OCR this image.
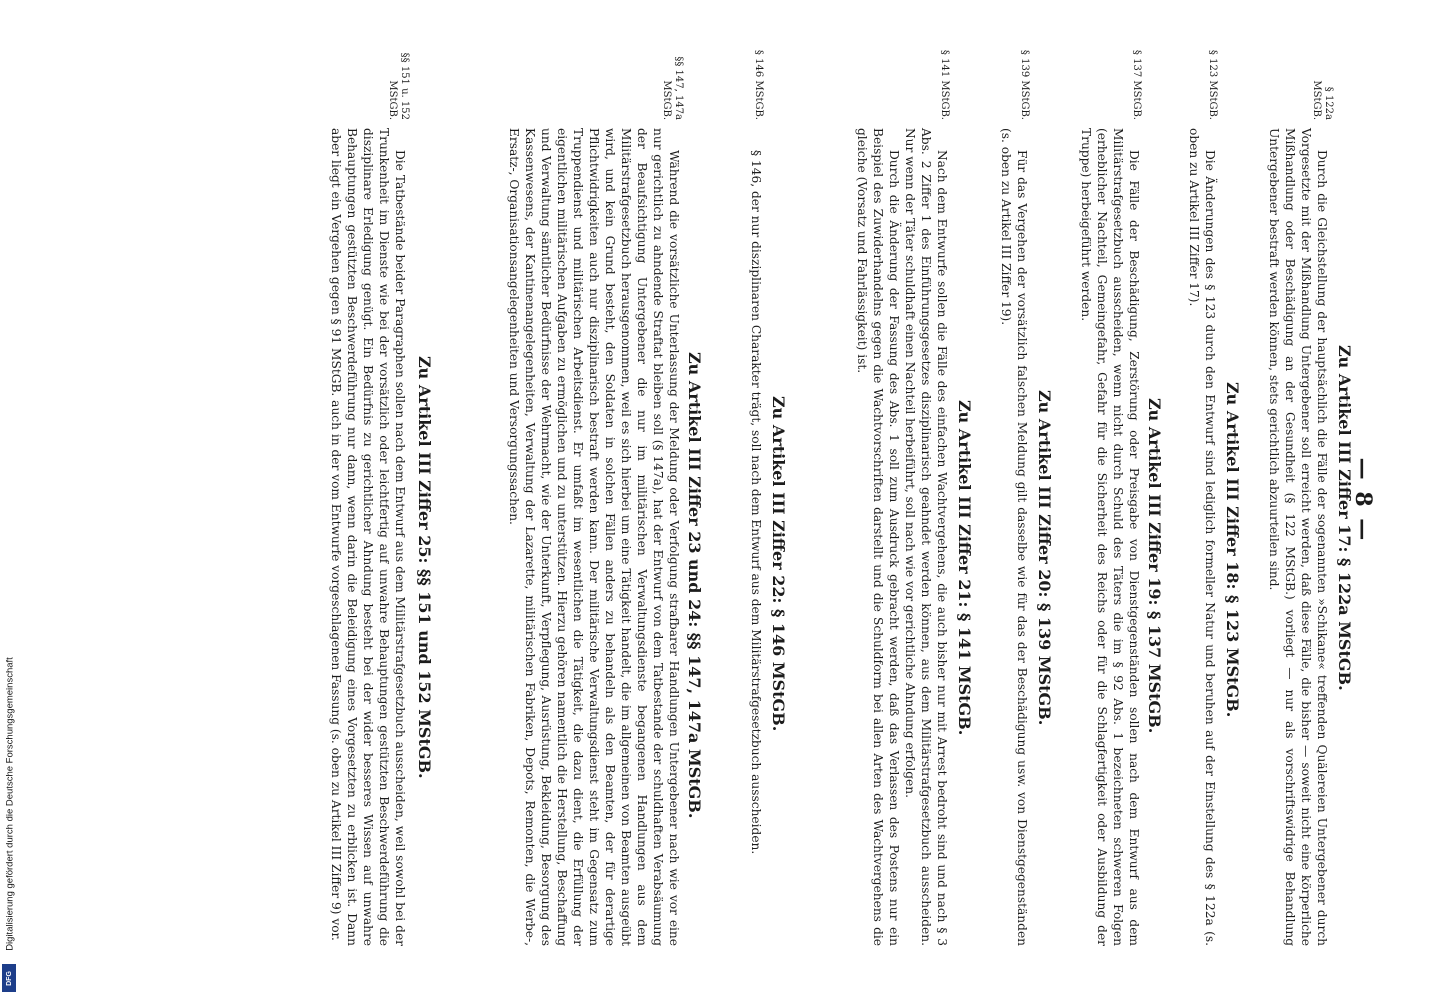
— 8 —
Zu Artikel III Ziffer 17: § 122a MStGB.
§ 122a
MStGB.

Durch die Gleichstellung der hauptsächlich die Fälle der sogenannten »Schikane« treffenden Quälereien Untergebener durch Vorgesetzte mit der Mißhandlung Untergebener soll erreicht werden, daß diese Fälle, die bisher — soweit nicht eine körperliche Mißhandlung oder Beschädigung an der Gesundheit (§ 122 MStGB.) vorliegt — nur als vorschriftswidrige Behandlung Untergebener bestraft werden können, stets gerichtlich abzuurteilen sind.

Zu Artikel III Ziffer 18: § 123 MStGB.
§ 123 MStGB.

Die Änderungen des § 123 durch den Entwurf sind lediglich formeller Natur und beruhen auf der Einstellung des § 122a (s. oben zu Artikel III Ziffer 17).

Zu Artikel III Ziffer 19: § 137 MStGB.
§ 137 MStGB.

Die Fälle der Beschädigung, Zerstörung oder Preisgabe von Dienstgegenständen sollen nach dem Entwurf aus dem Militärstrafgesetzbuch ausscheiden, wenn nicht durch Schuld des Täters die im § 92 Abs. 1 bezeichneten schweren Folgen (erheblicher Nachteil, Gemeingefahr, Gefahr für die Sicherheit des Reichs oder für die Schlagfertigkeit oder Ausbildung der Truppe) herbeigeführt werden.

Zu Artikel III Ziffer 20: § 139 MStGB.
§ 139 MStGB.

Für das Vergehen der vorsätzlich falschen Meldung gilt dasselbe wie für das der Beschädigung usw. von Dienstgegenständen (s. oben zu Artikel III Ziffer 19).

Zu Artikel III Ziffer 21: § 141 MStGB.
§ 141 MStGB.

Nach dem Entwurfe sollen die Fälle des einfachen Wachtvergehens, die auch bisher nur mit Arrest bedroht sind und nach § 3 Abs. 2 Ziffer 1 des Einführungsgesetzes disziplinarisch geahndet werden können, aus dem Militärstrafgesetzbuch ausscheiden. Nur wenn der Täter schuldhaft einen Nachteil herbeiführt, soll nach wie vor gerichtliche Ahndung erfolgen.

Durch die Änderung der Fassung des Abs. 1 soll zum Ausdruck gebracht werden, daß das Verlassen des Postens nur ein Beispiel des Zuwiderhandelns gegen die Wachtvorschriften darstellt und die Schuldform bei allen Arten des Wachtvergehens die gleiche (Vorsatz und Fahrlässigkeit) ist.

Zu Artikel III Ziffer 22: § 146 MStGB.
§ 146 MStGB.

§ 146, der nur disziplinaren Charakter trägt, soll nach dem Entwurf aus dem Militärstrafgesetzbuch ausscheiden.

Zu Artikel III Ziffer 23 und 24: §§ 147, 147a MStGB.
§§ 147, 147a
MStGB.

Während die vorsätzliche Unterlassung der Meldung oder Verfolgung strafbarer Handlungen Untergebener nach wie vor eine nur gerichtlich zu ahndende Straftat bleiben soll (§ 147a), hat der Entwurf von dem Tatbestande der schuldhaften Verabsäumung der Beaufsichtigung Untergebener die nur im militärischen Verwaltungsdienste begangenen Handlungen aus dem Militärstrafgesetzbuch herausgenommen, weil es sich hierbei um eine Tätigkeit handelt, die im allgemeinen von Beamten ausgeübt wird, und kein Grund besteht, den Soldaten in solchen Fällen anders zu behandeln als den Beamten, der für derartige Pflichtwidrigkeiten auch nur disziplinarisch bestraft werden kann. Der militärische Verwaltungsdienst steht im Gegensatz zum Truppendienst und militärischen Arbeitsdienst. Er umfaßt im wesentlichen die Tätigkeit, die dazu dient, die Erfüllung der eigentlichen militärischen Aufgaben zu ermöglichen und zu unterstützen. Hierzu gehören namentlich die Herstellung, Beschaffung und Verwaltung sämtlicher Bedürfnisse der Wehrmacht, wie der Unterkunft, Verpflegung, Ausrüstung, Bekleidung, Besorgung des Kassenwesens, der Kantinenangelegenheiten, Verwaltung der Lazarette, militärischen Fabriken, Depots, Remonten, die Werbe-, Ersatz-, Organisationsangelegenheiten und Versorgungssachen.

Zu Artikel III Ziffer 25: §§ 151 und 152 MStGB.
§§ 151 u. 152
MStGB.

Die Tatbestände beider Paragraphen sollen nach dem Entwurf aus dem Militärstrafgesetzbuch ausscheiden, weil sowohl bei der Trunkenheit im Dienste wie bei der vorsätzlich oder leichtfertig auf unwahre Behauptungen gestützten Beschwerdeführung die disziplinare Erledigung genügt. Ein Bedürfnis zu gerichtlicher Ahndung besteht bei der wider besseres Wissen auf unwahre Behauptungen gestützten Beschwerdeführung nur dann, wenn darin die Beleidigung eines Vorgesetzten zu erblicken ist. Dann aber liegt ein Vergehen gegen § 91 MStGB. auch in der vom Entwurfe vorgeschlagenen Fassung (s. oben zu Artikel III Ziffer 9) vor.

Digitalisierung gefördert durch die Deutsche Forschungsgemeinschaft
DFG
